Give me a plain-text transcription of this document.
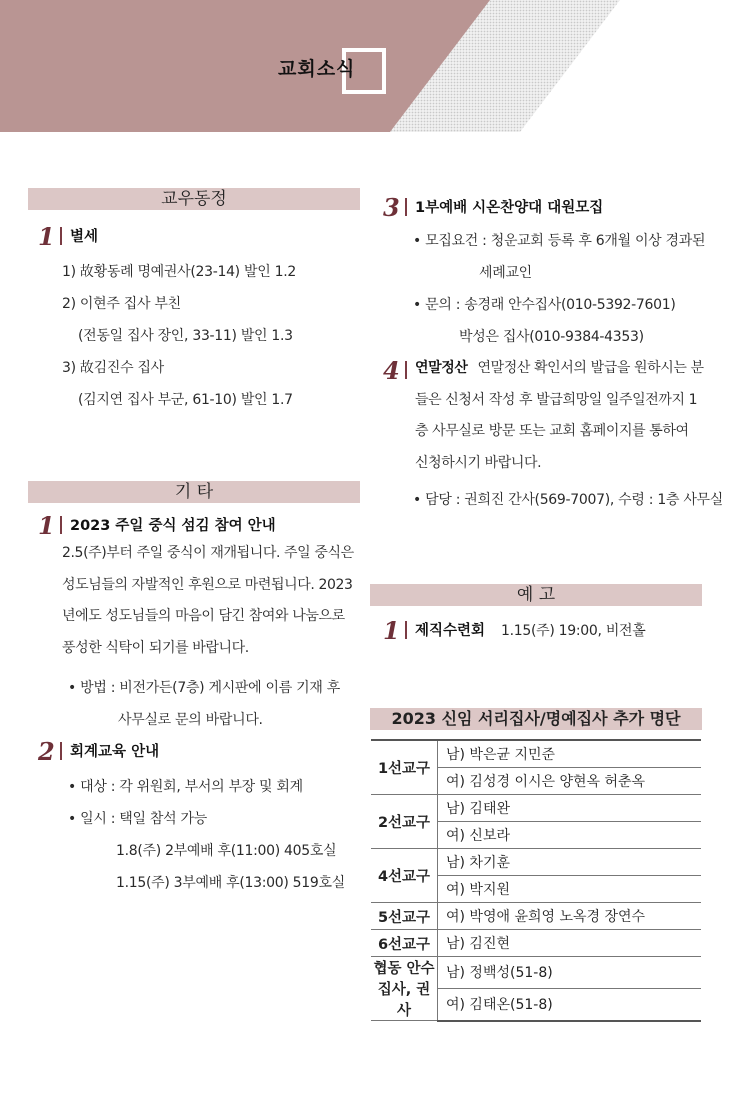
교회소식
교우동정
1 별세
1) 故황동례 명예권사(23-14) 발인 1.2
2) 이현주 집사 부친
(전동일 집사 장인, 33-11) 발인 1.3
3) 故김진수 집사
(김지연 집사 부군, 61-10) 발인 1.7
기 타
1 2023 주일 중식 섬김 참여 안내
2.5(주)부터 주일 중식이 재개됩니다. 주일 중식은 성도님들의 자발적인 후원으로 마련됩니다. 2023년에도 성도님들의 마음이 담긴 참여와 나눔으로 풍성한 식탁이 되기를 바랍니다.
• 방법 : 비전가든(7층) 게시판에 이름 기재 후
사무실로 문의 바랍니다.
2 회계교육 안내
• 대상 : 각 위원회, 부서의 부장 및 회계
• 일시 : 택일 참석 가능
1.8(주) 2부예배 후(11:00) 405호실
1.15(주) 3부예배 후(13:00) 519호실
3 1부예배 시온찬양대 대원모집
• 모집요건 : 청운교회 등록 후 6개월 이상 경과된
세례교인
• 문의 : 송경래 안수집사(010-5392-7601)
박성은 집사(010-9384-4353)
4 연말정산 연말정산 확인서의 발급을 원하시는 분들은 신청서 작성 후 발급희망일 일주일전까지 1층 사무실로 방문 또는 교회 홈페이지를 통하여 신청하시기 바랍니다.
• 담당 : 권희진 간사(569-7007), 수령 : 1층 사무실
예 고
1 제직수련회 1.15(주) 19:00, 비전홀
2023 신임 서리집사/명예집사 추가 명단
1선교구	남) 박은균 지민준
	여) 김성경 이시은 양현옥 허춘옥
2선교구	남) 김태완
	여) 신보라
4선교구	남) 차기훈
	여) 박지원
5선교구	여) 박영애 윤희영 노옥경 장연수
6선교구	남) 김진현

협동 안수
집사, 권사	남) 정백성(51-8)
	여) 김태온(51-8)
